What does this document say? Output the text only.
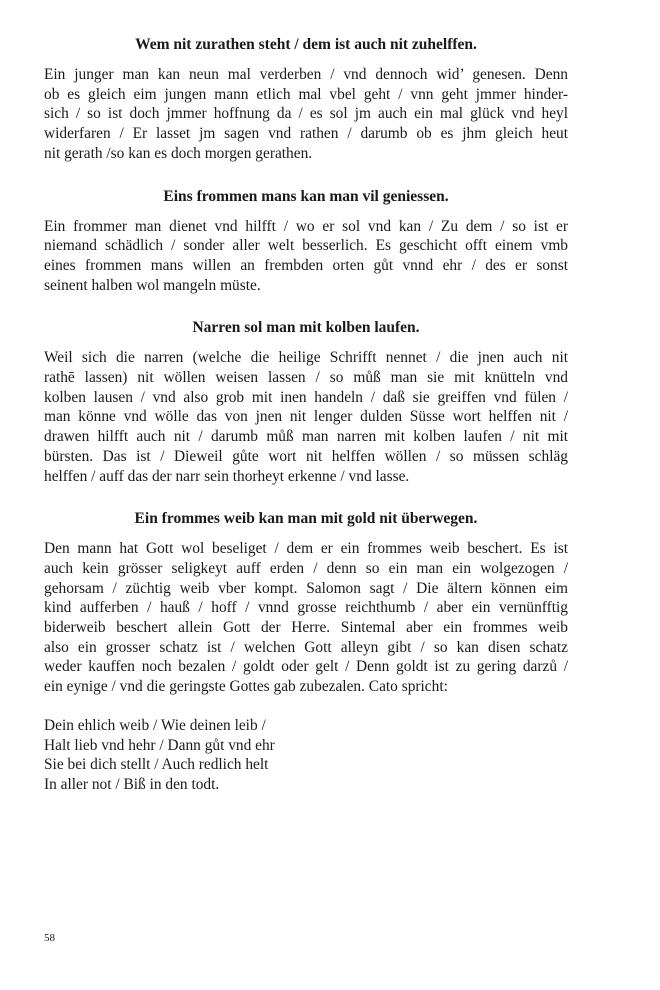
Wem nit zurathen steht / dem ist auch nit zuhelffen.
Ein junger man kan neun mal verderben / vnd dennoch wid’ genesen. Denn
ob es gleich eim jungen mann etlich mal vbel geht / vnn geht jmmer hinder-
sich / so ist doch jmmer hoffnung da / es sol jm auch ein mal glück vnd heyl
widerfaren / Er lasset jm sagen vnd rathen / darumb ob es jhm gleich heut
nit gerath /so kan es doch morgen gerathen.
Eins frommen mans kan man vil geniessen.
Ein frommer man dienet vnd hilfft / wo er sol vnd kan / Zu dem / so ist er
niemand schädlich / sonder aller welt besserlich. Es geschicht offt einem vmb
eines frommen mans willen an frembden orten gůt vnnd ehr / des er sonst
seinent halben wol mangeln müste.
Narren sol man mit kolben laufen.
Weil sich die narren (welche die heilige Schrifft nennet / die jnen auch nit
rathē lassen) nit wöllen weisen lassen / so můß man sie mit knütteln vnd
kolben lausen / vnd also grob mit inen handeln / daß sie greiffen vnd fülen /
man könne vnd wölle das von jnen nit lenger dulden Süsse wort helffen nit /
drawen hilfft auch nit / darumb můß man narren mit kolben laufen / nit mit
bürsten. Das ist / Dieweil gůte wort nit helffen wöllen / so müssen schläg
helffen / auff das der narr sein thorheyt erkenne / vnd lasse.
Ein frommes weib kan man mit gold nit überwegen.
Den mann hat Gott wol beseliget / dem er ein frommes weib beschert. Es ist
auch kein grösser seligkeyt auff erden / denn so ein man ein wolgezogen /
gehorsam / züchtig weib vber kompt. Salomon sagt / Die ältern können eim
kind aufferben / hauß / hoff / vnnd grosse reichthumb / aber ein vernünfftig
biderweib beschert allein Gott der Herre. Sintemal aber ein frommes weib
also ein grosser schatz ist / welchen Gott alleyn gibt / so kan disen schatz
weder kauffen noch bezalen / goldt oder gelt / Denn goldt ist zu gering darzů /
ein eynige / vnd die geringste Gottes gab zubezalen. Cato spricht:
Dein ehlich weib / Wie deinen leib /
Halt lieb vnd hehr / Dann gůt vnd ehr
Sie bei dich stellt / Auch redlich helt
In aller not / Biß in den todt.
58
